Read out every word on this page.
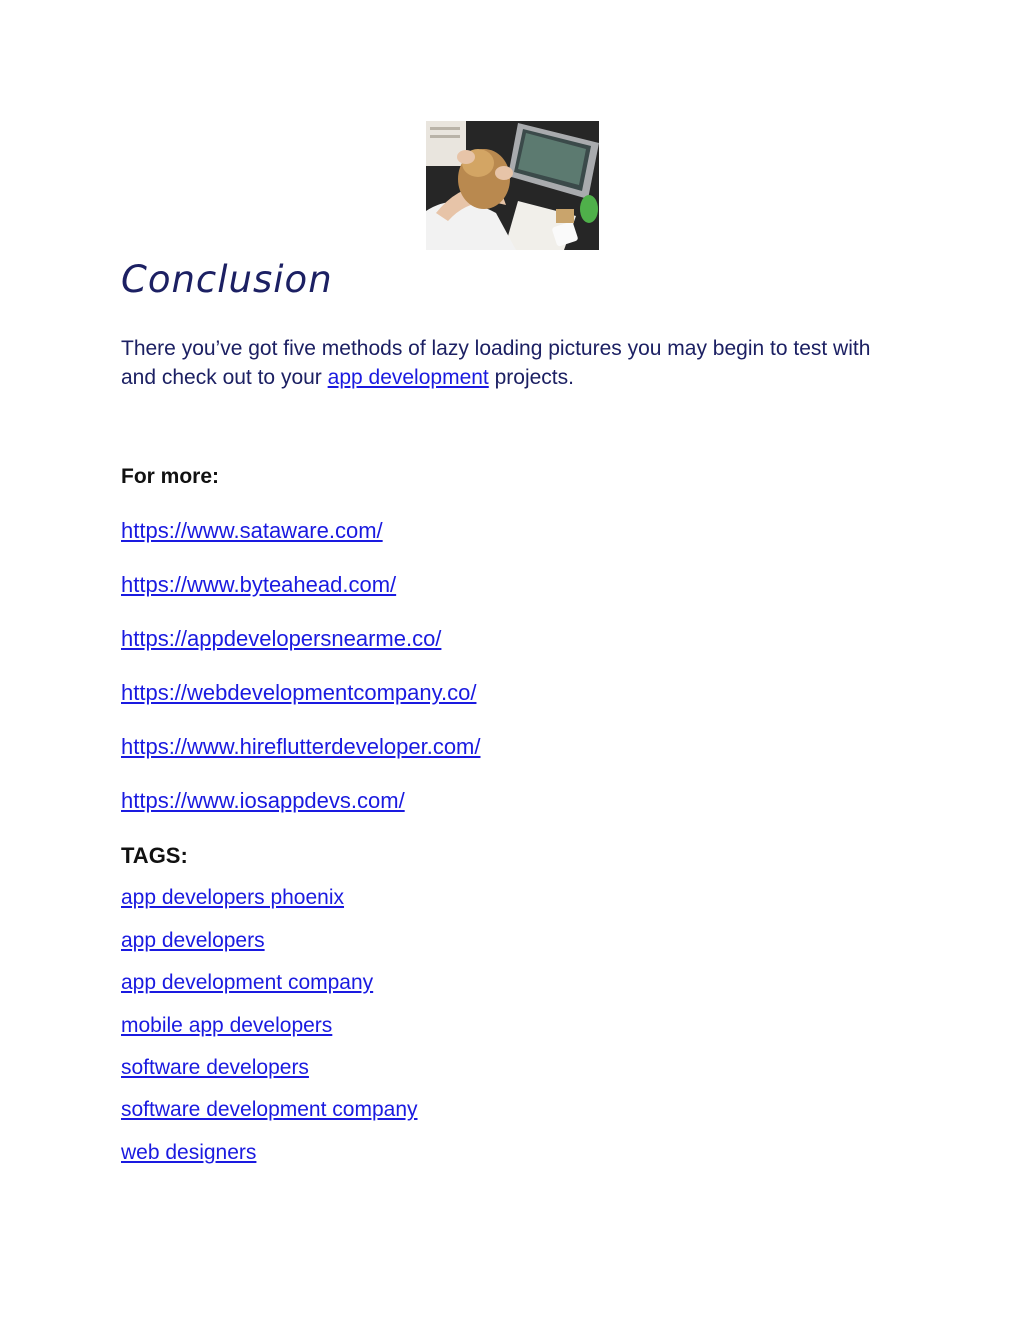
Conclusion

There you’ve got five methods of lazy loading pictures you may begin to test with and check out to your app development projects.

For more:

https://www.sataware.com/
https://www.byteahead.com/
https://appdevelopersnearme.co/
https://webdevelopmentcompany.co/
https://www.hireflutterdeveloper.com/
https://www.iosappdevs.com/

TAGS:

app developers phoenix
app developers
app development company
mobile app developers
software developers
software development company
web designers
